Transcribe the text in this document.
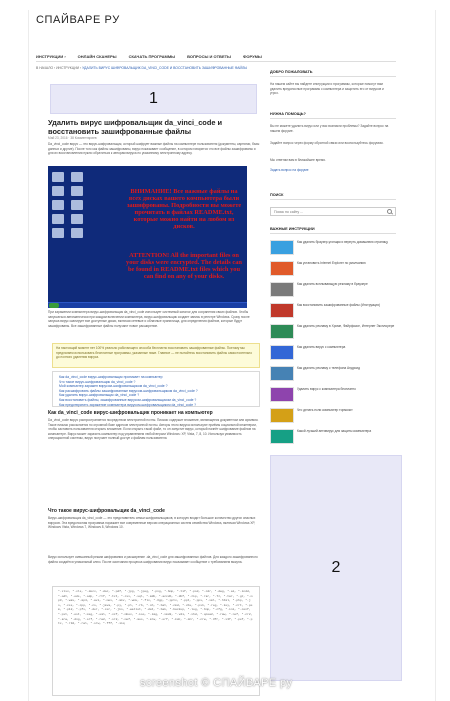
СПАЙВАРЕ РУ
ИНСТРУКЦИИ ›	ОНЛАЙН СКАНЕРЫ	СКАЧАТЬ ПРОГРАММЫ	ВОПРОСЫ И ОТВЕТЫ	ФОРУМЫ
В НАЧАЛО › ИНСТРУКЦИИ › УДАЛИТЬ ВИРУС ШИФРОВАЛЬЩИК DA_VINCI_CODE И ВОССТАНОВИТЬ ЗАШИФРОВАННЫЕ ФАЙЛЫ
1
Удалить вирус шифровальщик da_vinci_code и восстановить зашифрованные файлы
Май 23, 2016 · 38 Комментариев

Da_vinci_code вирус — это вирус-шифровальщик, который шифрует важные файлы на компьютере пользователя (документы, картинки, базы данных и другие). После того как файлы зашифрованы, вирус показывает сообщение, в котором говорится что все файлы зашифрованы и для их восстановления нужно обратиться к авторам вируса по указанному электронному адресу.

ВНИМАНИЕ! Все важные файлы на всех дисках вашего компьютера были зашифрованы. Подробности вы можете прочитать в файлах README.txt, которые можно найти на любом из дисков.
ATTENTION! All the important files on your disks were encrypted. The details can be found in README.txt files which you can find on any of your disks.

При заражении компьютера вирус-шифровальщик da_vinci_code использует системный каталог для сохранения своих файлов. Чтобы запускаться автоматически при каждом включении компьютера, вирус-шифровальщик создает запись в реестре Windows. Сразу после запуска вирус сканирует все доступные диски, включая сетевые и облачные хранилища, для определения файлов, которые будут зашифрованы. Все зашифрованные файлы получают новое расширение.

На настоящий момент нет 100% реально работающего способа бесплатно восстановить зашифрованные файлы. Поэтому мы предлагаем использовать бесплатные программы, указанные ниже. Главное — не пытайтесь восстановить файлы самостоятельно до полного удаления вируса.
Как da_vinci_code вирус-шифровальщик проникает на компьютер
Что такое вирус-шифровальщик da_vinci_code ?
Мой компьютер заражен вирусом-шифровальщиком da_vinci_code ?
Как расшифровать файлы зашифрованные вирусом-шифровальщиком da_vinci_code ?
Как удалить вирус-шифровальщик da_vinci_code ?
Как восстановить файлы, зашифрованные вирусом-шифровальщиком da_vinci_code ?
Как предотвратить заражение компьютера вирусом-шифровальщиком da_vinci_code ?
Как da_vinci_code вирус-шифровальщик проникает на компьютер

Da_vinci_code вирус распространяется посредством электронной почты. Письмо содержит вложение, являющееся документом или архивом. Такое письмо рассылается по огромной базе адресов электронной почты. Авторы этого вируса используют приёмы социальной инженерии, чтобы заставить пользователя открыть вложение. Если открыть такой файл, то он запустит вирус, который начнёт шифрование файлов на компьютере. Вирус может заразить компьютер под управлением любой версии Windows: XP, Vista, 7, 8, 10. Используя уязвимость операционной системы, вирус получает полный доступ к файлам пользователя.

Что такое вирус-шифровальщик da_vinci_code

Вирус-шифровальщик da_vinci_code — это представитель семьи шифровальщиков, в которую входит большое количество других опасных вирусов. Эта вредоносная программа поражает все современные версии операционных систем семейства Windows, включая Windows XP, Windows Vista, Windows 7, Windows 8, Windows 10.

Вирус использует смешанный режим шифрования и расширение .da_vinci_code для зашифрованных файлов. Для каждого зашифрованного файла создаётся уникальный ключ. После окончания процесса шифрования вирус показывает сообщение с требованием выкупа.

*.xlsx, *.xls, *.docx, *.doc, *.pdf, *.jpg, *.jpeg, *.png, *.bmp, *.tif, *.psd, *.cdr, *.dwg, *.ai, *.indd, *.odt, *.ods, *.odp, *.rtf, *.txt, *.csv, *.sql, *.mdb, *.accdb, *.dbf, *.zip, *.rar, *.7z, *.tar, *.gz, *.mp3, *.wav, *.mp4, *.avi, *.mov, *.mkv, *.wmv, *.flv, *.3gp, *.pptx, *.ppt, *.pps, *.xml, *.html, *.php, *.js, *.css, *.cpp, *.cs, *.java, *.py, *.pl, *.rb, *.sh, *.bat, *.cmd, *.vbs, *.ps1, *.reg, *.key, *.crt, *.pem, *.p12, *.pfx, *.der, *.cer, *.jks, *.wallet, *.dat, *.bak, *.backup, *.log, *.tmp, *.cfg, *.ini, *.conf, *.pst, *.ost, *.msg, *.eml, *.vcf, *.mbox, *.iso, *.img, *.vmdk, *.vdi, *.vhd, *.qcow2, *.raw, *.nef, *.cr2, *.arw, *.dng, *.orf, *.rw2, *.sr2, *.mef, *.mos, *.mrw, *.erf, *.kdc, *.dcr, *.crw, *.3fr, *.x3f, *.pef, *.ptx, *.r3d, *.rwl, *.srw, *.fff, *.iiq
ДОБРО ПОЖАЛОВАТЬ

На нашем сайте вы найдете инструкции и программы, которые помогут вам удалить вредоносные программы с компьютера и защитить его от вирусов и угроз.

НУЖНА ПОМОЩЬ?

Вы не можете удалить вирус или у вас возникли проблемы? Задайте вопрос на нашем форуме.

Задайте вопрос через форму обратной связи или воспользуйтесь форумом.

Мы ответим вам в ближайшее время.

Задать вопрос на форуме

ПОИСК
Поиск по сайту ...
ВАЖНЫЕ ИНСТРУКЦИИ
Как удалить браузер-угонщик и вернуть домашнюю страницу
Как установить Internet Explorer по умолчанию
Как удалить всплывающую рекламу в браузере
Как восстановить зашифрованные файлы (Инструкция)
Как удалить рекламу в Хроме, Файрфоксе, Интернет Эксплорере
Как удалить вирус с компьютера
Как удалить рекламу с телефона Андроид
Удалить вирус с компьютера бесплатно
Что делать если компьютер тормозит
Какой лучший антивирус для защиты компьютера
2
screenshot © СПАЙВАРЕ ру
